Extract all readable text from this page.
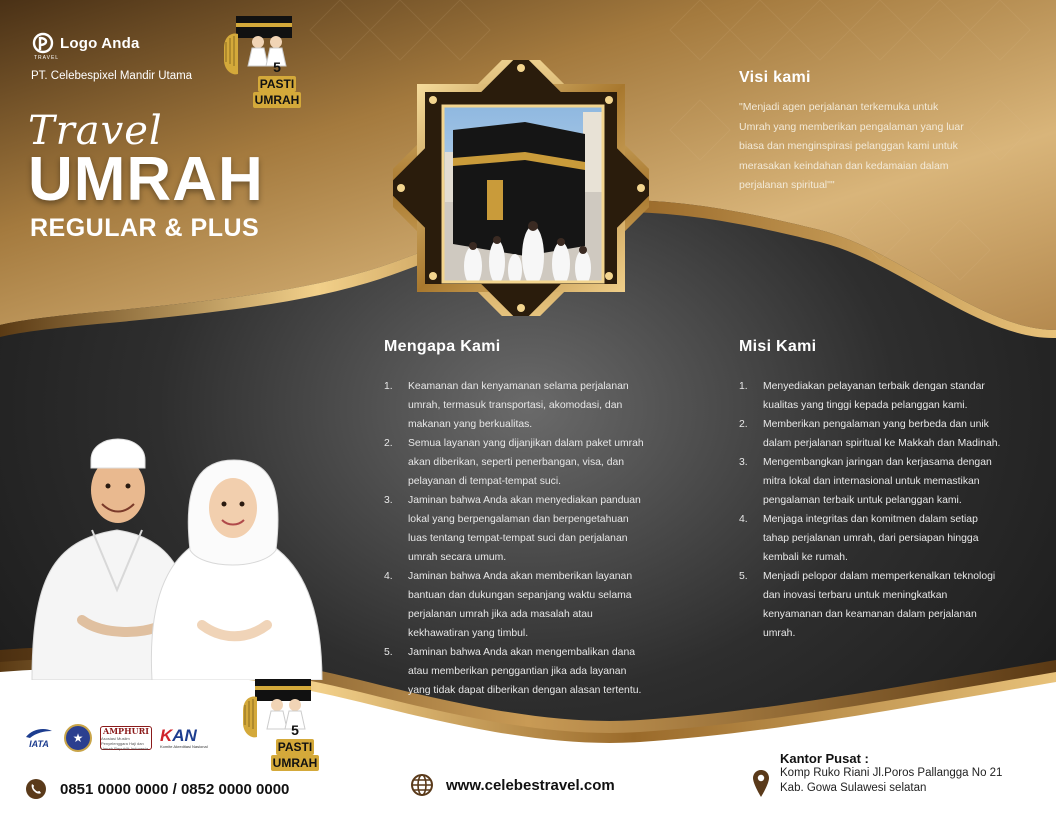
Logo Anda
TRAVEL
PT. Celebespixel Mandir Utama
Travel
UMRAH
REGULAR & PLUS
5 PASTI
UMRAH
Visi kami
"Menjadi agen perjalanan terkemuka untuk
Umrah yang memberikan pengalaman yang luar
biasa dan menginspirasi pelanggan kami untuk
merasakan keindahan dan kedamaian dalam
perjalanan spiritual""
Mengapa Kami
1. Keamanan dan kenyamanan selama perjalanan
umrah, termasuk transportasi, akomodasi, dan
makanan yang berkualitas.
2. Semua layanan yang dijanjikan dalam paket umrah
akan diberikan, seperti penerbangan, visa, dan
pelayanan di tempat-tempat suci.
3. Jaminan bahwa Anda akan menyediakan panduan
lokal yang berpengalaman dan berpengetahuan
luas tentang tempat-tempat suci dan perjalanan
umrah secara umum.
4. Jaminan bahwa Anda akan memberikan layanan
bantuan dan dukungan sepanjang waktu selama
perjalanan umrah jika ada masalah atau
kekhawatiran yang timbul.
5. Jaminan bahwa Anda akan mengembalikan dana
atau memberikan penggantian jika ada layanan
yang tidak dapat diberikan dengan alasan tertentu.
Misi Kami
1. Menyediakan pelayanan terbaik dengan standar
kualitas yang tinggi kepada pelanggan kami.
2. Memberikan pengalaman yang berbeda dan unik
dalam perjalanan spiritual ke Makkah dan Madinah.
3. Mengembangkan jaringan dan kerjasama dengan
mitra lokal dan internasional untuk memastikan
pengalaman terbaik untuk pelanggan kami.
4. Menjaga integritas dan komitmen dalam setiap
tahap perjalanan umrah, dari persiapan hingga
kembali ke rumah.
5. Menjadi pelopor dalam memperkenalkan teknologi
dan inovasi terbaru untuk meningkatkan
kenyamanan dan keamanan dalam perjalanan
umrah.
5 PASTI
UMRAH
IATA	★
AMPHURI
Asosiasi Muslim Penyelenggara Haji dan Umrah Republik Indonesia
KAN
Komite Akreditasi Nasional
0851 0000 0000 / 0852 0000 0000	www.celebestravel.com
Kantor Pusat :
Komp Ruko Riani Jl.Poros Pallangga No 21
Kab. Gowa Sulawesi selatan
